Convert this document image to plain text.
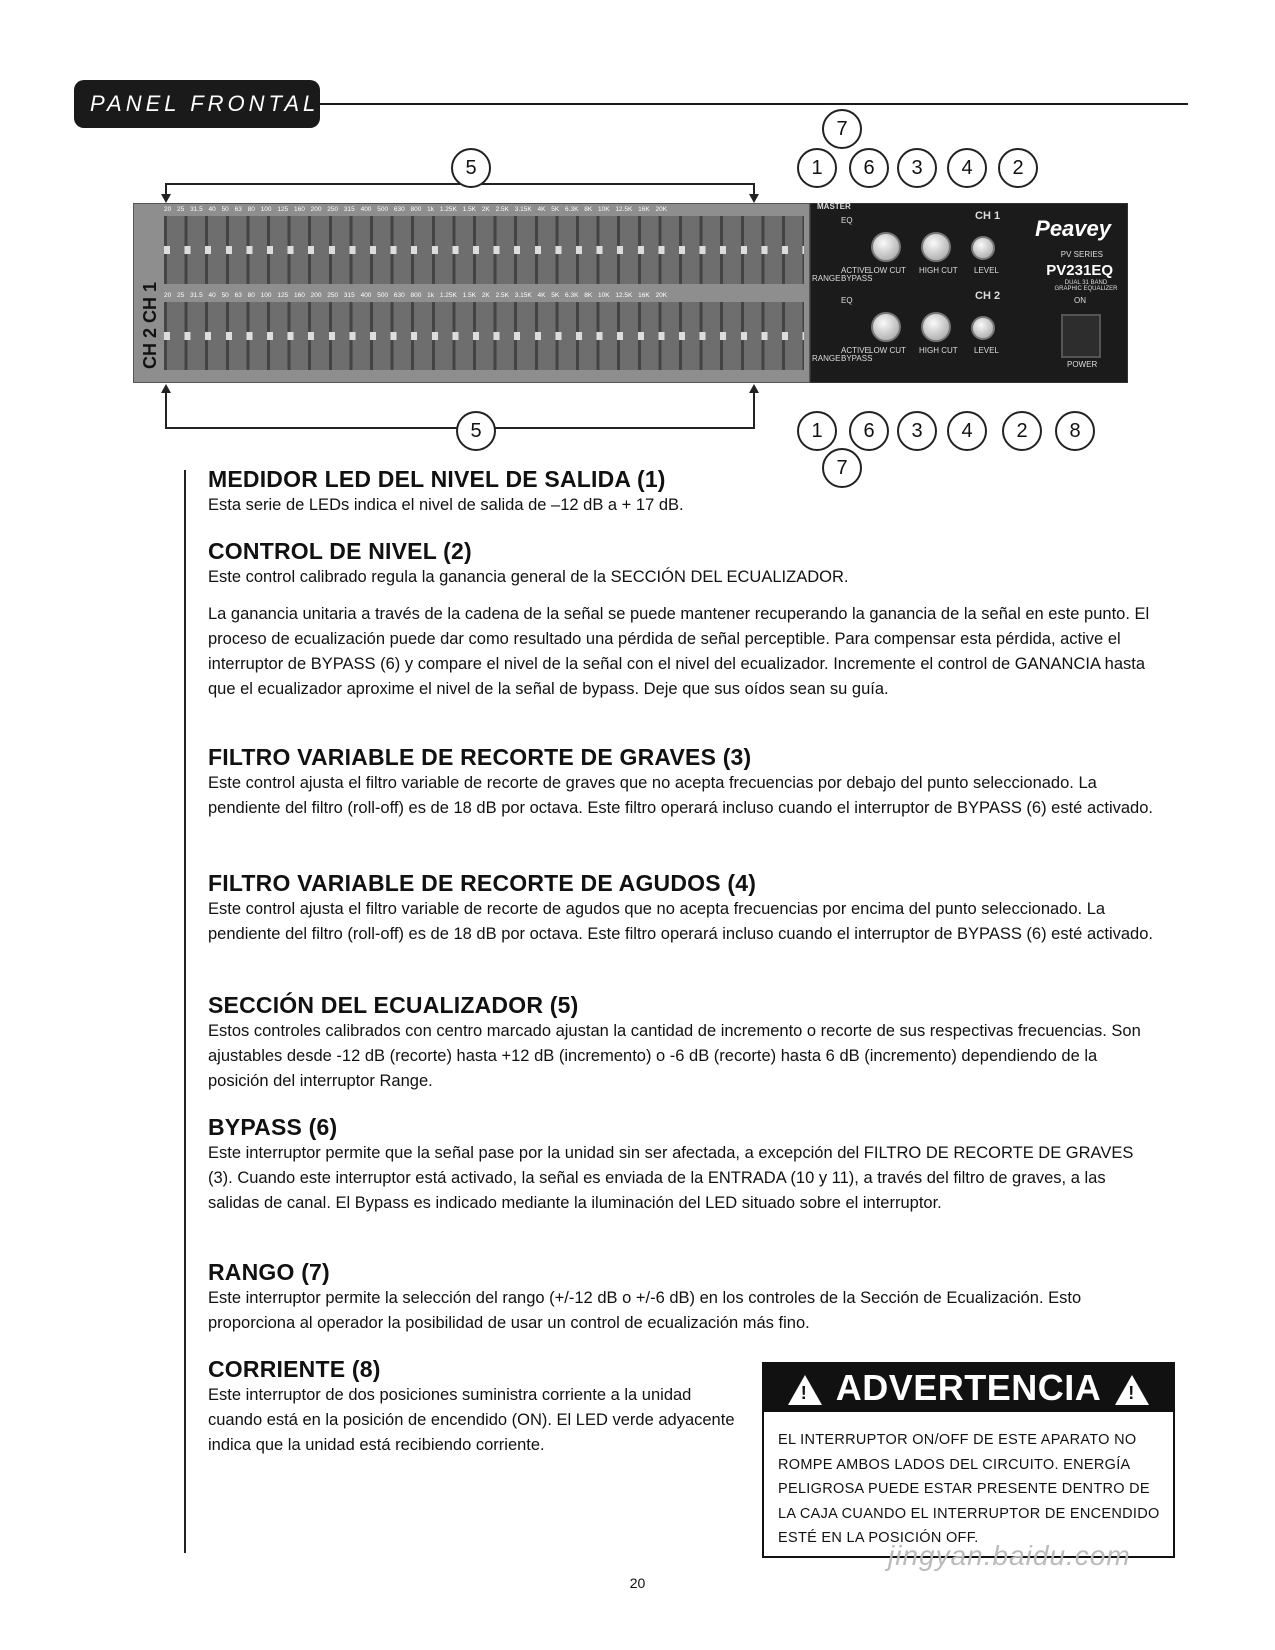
PANEL FRONTAL
5
7
1	6	3	4	2
CH 2 CH 1
20 25 31.5 40 50 63 80 100 125 160 200 250 315 400 500 630 800 1k 1.25K 1.5K 2K 2.5K 3.15K 4K 5K 6.3K 8K 10K 12.5K 16K 20K
20 25 31.5 40 50 63 80 100 125 160 200 250 315 400 500 630 800 1k 1.25K 1.5K 2K 2.5K 3.15K 4K 5K 6.3K 8K 10K 12.5K 16K 20K
MASTER
EQ
EQ
ACTIVE
BYPASS
ACTIVE
BYPASS
RANGE
RANGE
LOW CUT HIGH CUT LEVEL
LOW CUT HIGH CUT LEVEL
CH 1
CH 2
Peavey
PV SERIES
PV231EQ
DUAL 31 BAND GRAPHIC EQUALIZER
ON
POWER
5	1	6	3	4	2	8
7
MEDIDOR LED DEL NIVEL DE SALIDA (1)

Esta serie de LEDs indica el nivel de salida de –12 dB a + 17 dB.

CONTROL DE NIVEL (2)

Este control calibrado regula la ganancia general de la SECCIÓN DEL ECUALIZADOR.

La ganancia unitaria a través de la cadena de la señal se puede mantener recuperando la ganancia de la señal en este punto. El proceso de ecualización puede dar como resultado una pérdida de señal perceptible. Para compensar esta pérdida, active el interruptor de BYPASS (6) y compare el nivel de la señal con el nivel del ecualizador. Incremente el control de GANANCIA hasta que el ecualizador aproxime el nivel de la señal de bypass. Deje que sus oídos sean su guía.

FILTRO VARIABLE DE RECORTE DE GRAVES (3)

Este control ajusta el filtro variable de recorte de graves que no acepta frecuencias por debajo del punto seleccionado. La pendiente del filtro (roll-off) es de 18 dB por octava. Este filtro operará incluso cuando el interruptor de BYPASS (6) esté activado.

FILTRO VARIABLE DE RECORTE DE AGUDOS (4)

Este control ajusta el filtro variable de recorte de agudos que no acepta frecuencias por encima del punto seleccionado. La pendiente del filtro (roll-off) es de 18 dB por octava. Este filtro operará incluso cuando el interruptor de BYPASS (6) esté activado.

SECCIÓN DEL ECUALIZADOR (5)

Estos controles calibrados con centro marcado ajustan la cantidad de incremento o recorte de sus respectivas frecuencias. Son ajustables desde -12 dB (recorte) hasta +12 dB (incremento) o -6 dB (recorte) hasta 6 dB (incremento) dependiendo de la posición del interruptor Range.

BYPASS (6)

Este interruptor permite que la señal pase por la unidad sin ser afectada, a excepción del FILTRO DE RECORTE DE GRAVES (3). Cuando este interruptor está activado, la señal es enviada de la ENTRADA (10 y 11), a través del filtro de graves, a las salidas de canal. El Bypass es indicado mediante la iluminación del LED situado sobre el interruptor.

RANGO (7)

Este interruptor permite la selección del rango (+/-12 dB o +/-6 dB) en los controles de la Sección de Ecualización. Esto proporciona al operador la posibilidad de usar un control de ecualización más fino.

CORRIENTE (8)

Este interruptor de dos posiciones suministra corriente a la unidad cuando está en la posición de encendido (ON). El LED verde adyacente indica que la unidad está recibiendo corriente.

! ADVERTENCIA !
EL INTERRUPTOR ON/OFF DE ESTE APARATO NO ROMPE AMBOS LADOS DEL CIRCUITO. ENERGÍA PELIGROSA PUEDE ESTAR PRESENTE DENTRO DE LA CAJA CUANDO EL INTERRUPTOR DE ENCENDIDO ESTÉ EN LA POSICIÓN OFF.
jingyan.baidu.com
20
